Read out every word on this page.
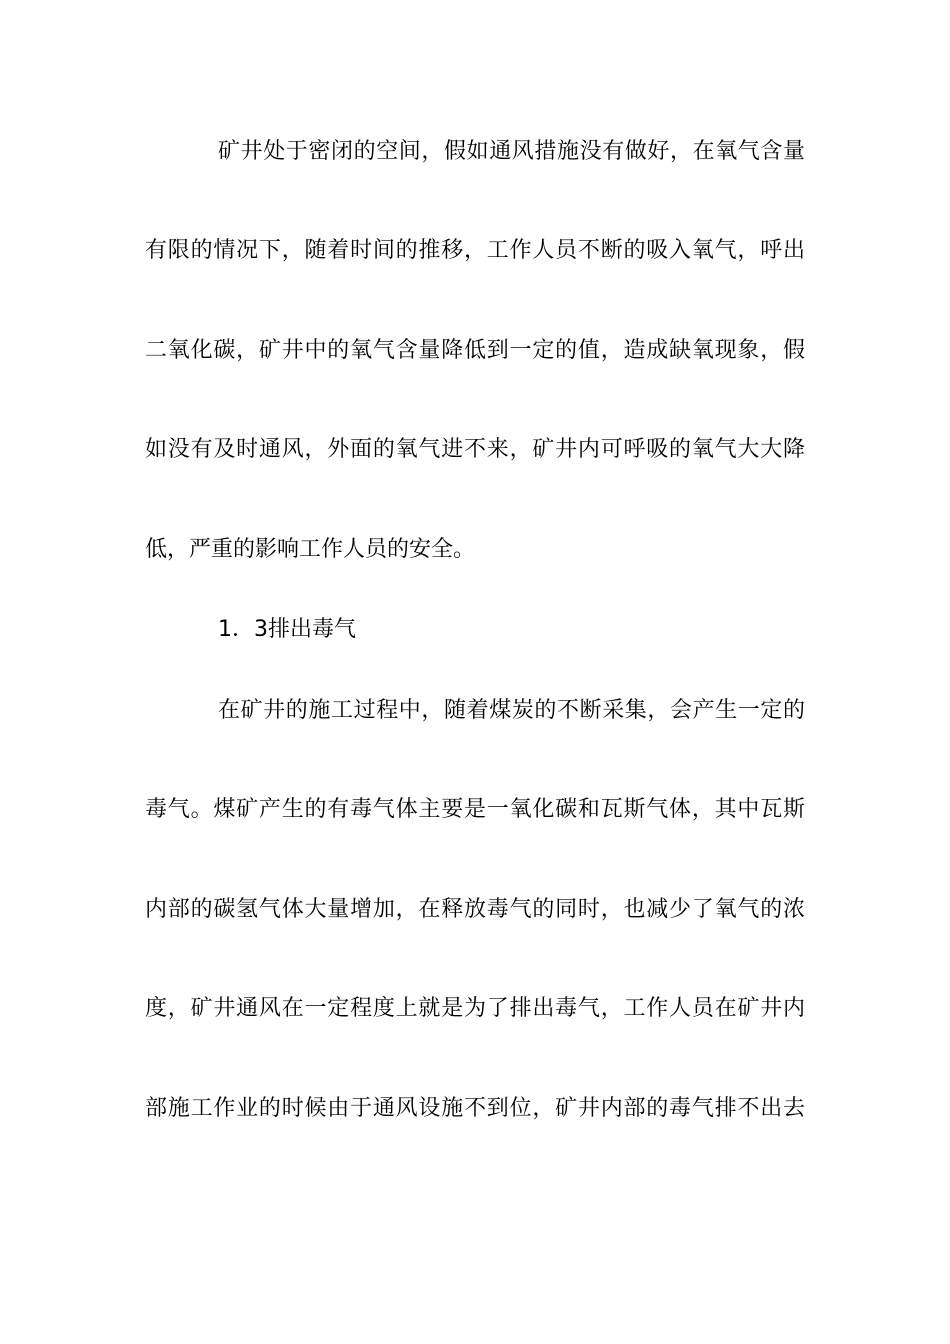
矿井处于密闭的空间，假如通风措施没有做好，在氧气含量
有限的情况下，随着时间的推移，工作人员不断的吸入氧气，呼出
二氧化碳，矿井中的氧气含量降低到一定的值，造成缺氧现象，假
如没有及时通风，外面的氧气进不来，矿井内可呼吸的氧气大大降
低，严重的影响工作人员的安全。
1．3排出毒气
在矿井的施工过程中，随着煤炭的不断采集，会产生一定的
毒气。煤矿产生的有毒气体主要是一氧化碳和瓦斯气体，其中瓦斯
内部的碳氢气体大量增加，在释放毒气的同时，也减少了氧气的浓
度，矿井通风在一定程度上就是为了排出毒气，工作人员在矿井内
部施工作业的时候由于通风设施不到位，矿井内部的毒气排不出去
